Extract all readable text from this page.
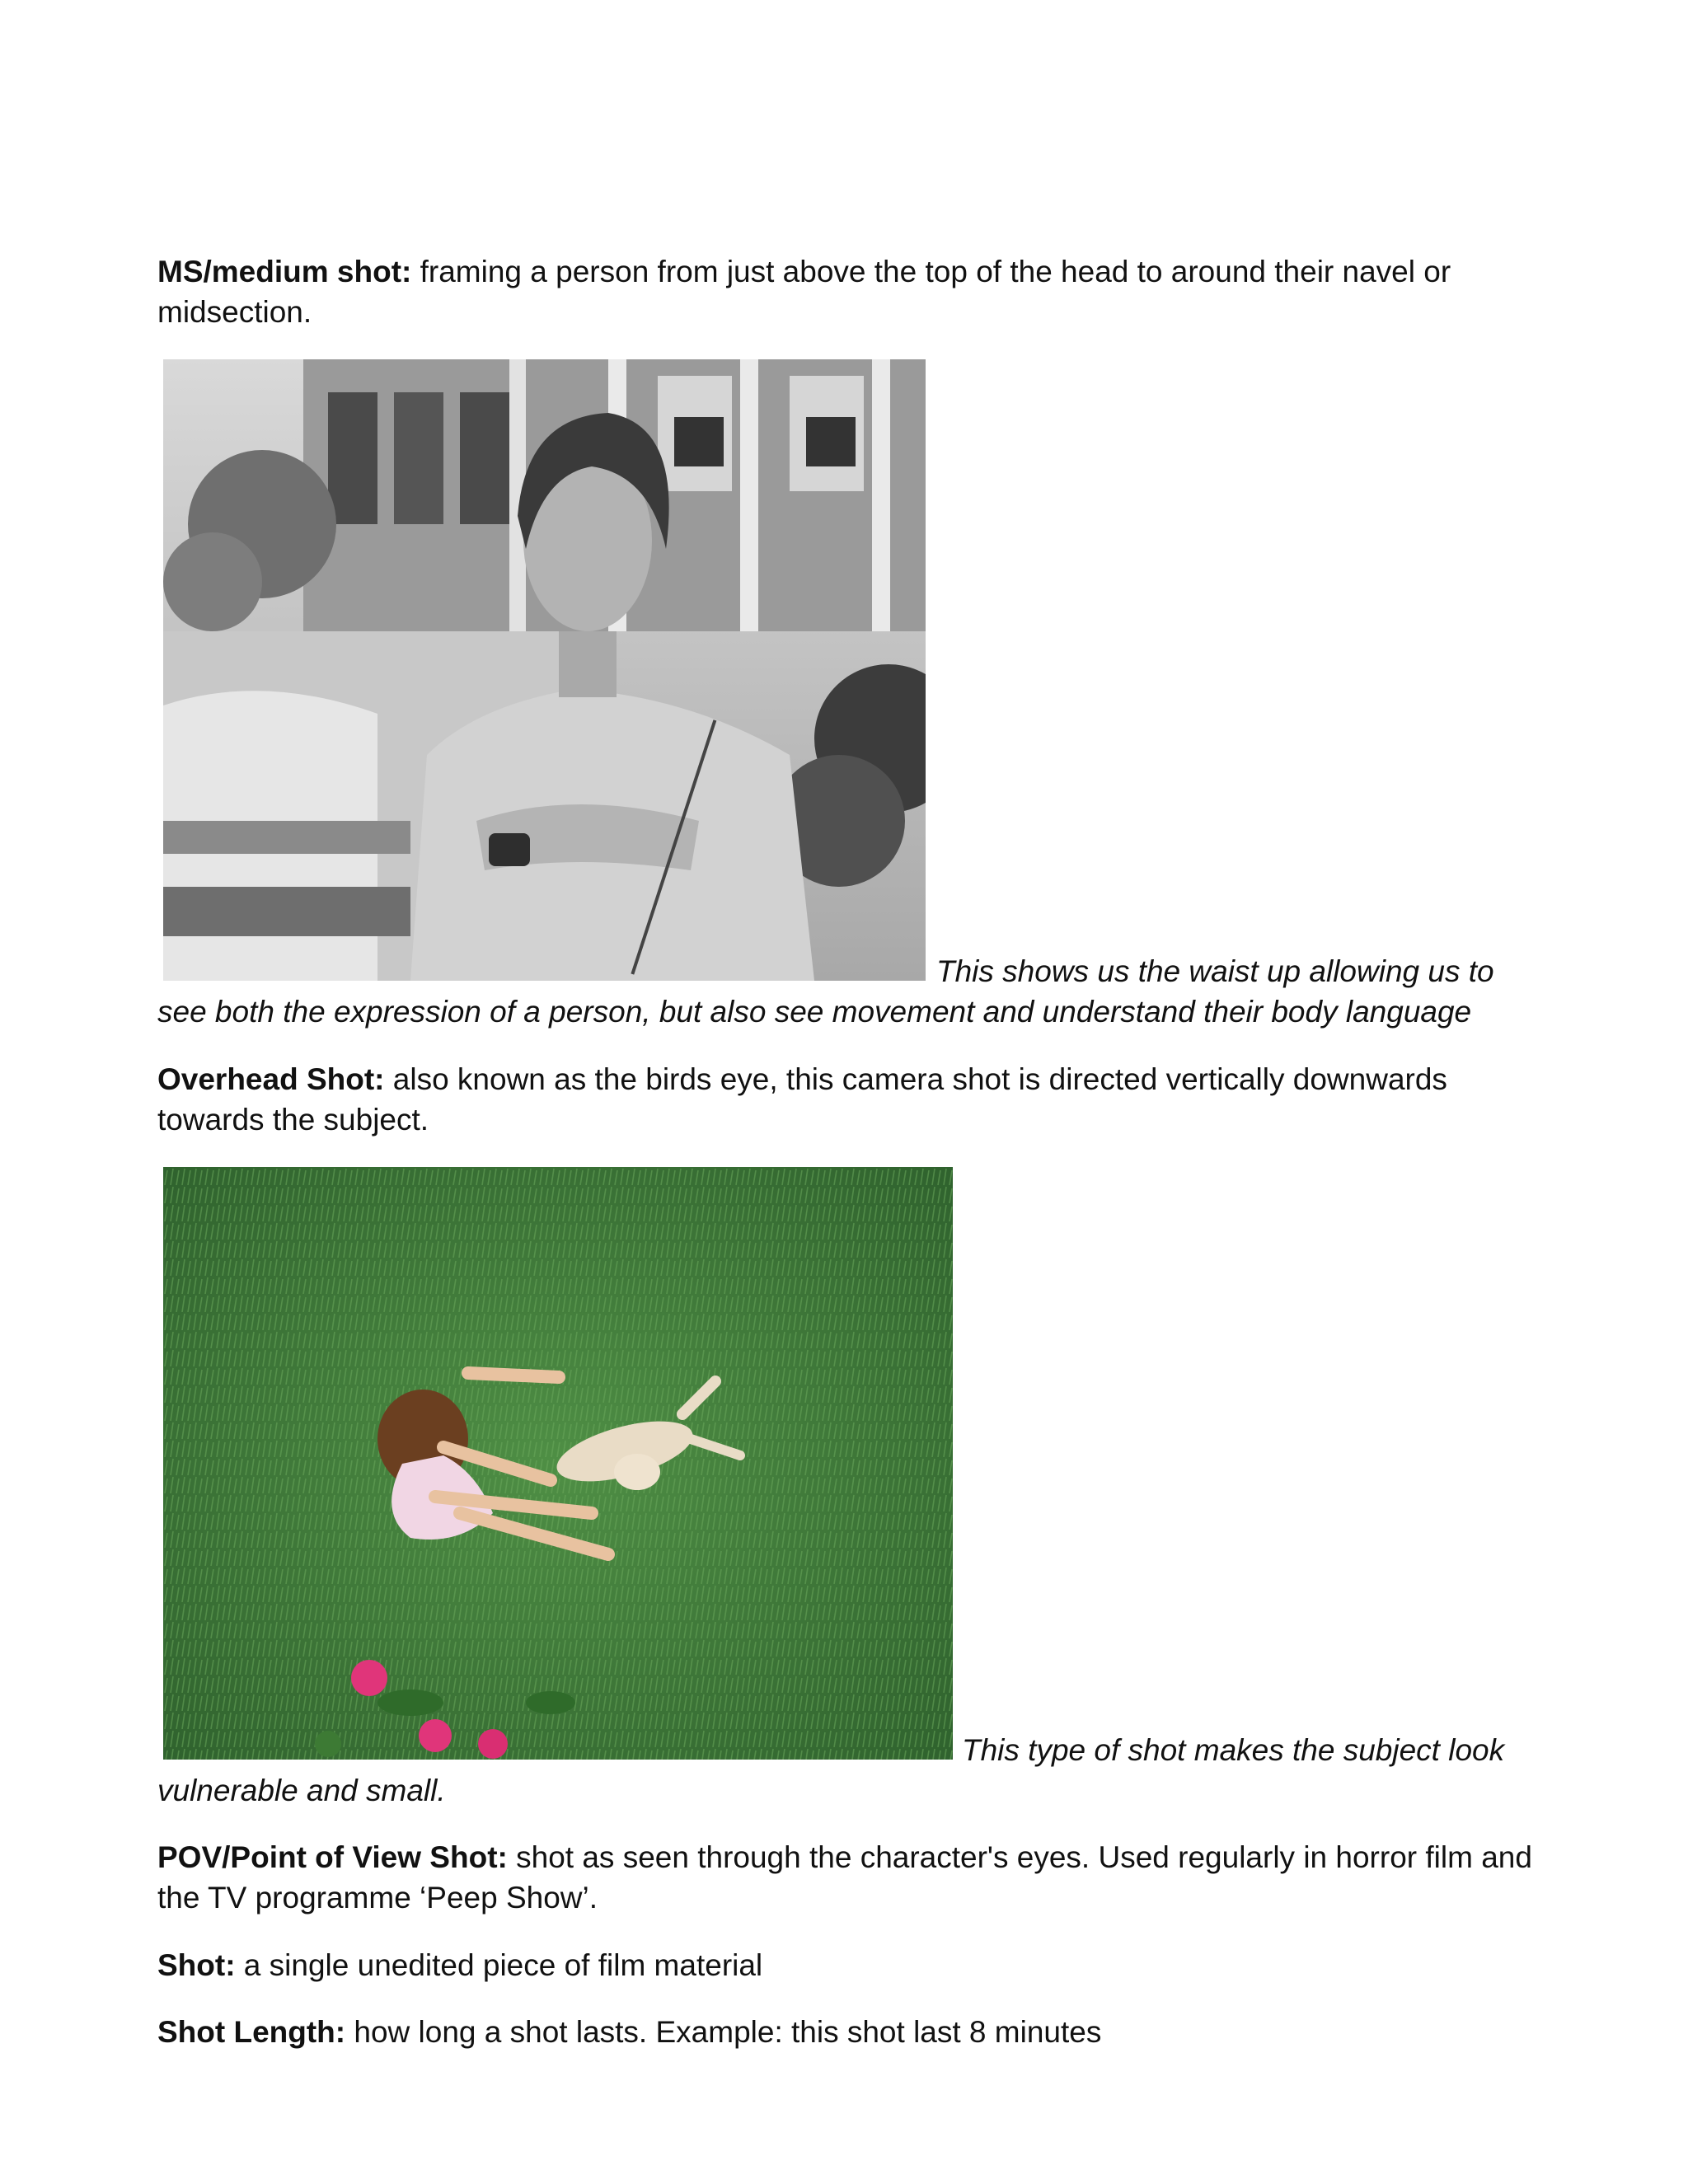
MS/medium shot: framing a person from just above the top of the head to around their navel or midsection.

This shows us the waist up allowing us to

see both the expression of a person, but also see movement and understand their body language

Overhead Shot: also known as the birds eye, this camera shot is directed vertically downwards towards the subject.

This type of shot makes the subject look

vulnerable and small.

POV/Point of View Shot: shot as seen through the character's eyes. Used regularly in horror film and the TV programme ‘Peep Show’.

Shot: a single unedited piece of film material

Shot Length: how long a shot lasts. Example: this shot last 8 minutes
